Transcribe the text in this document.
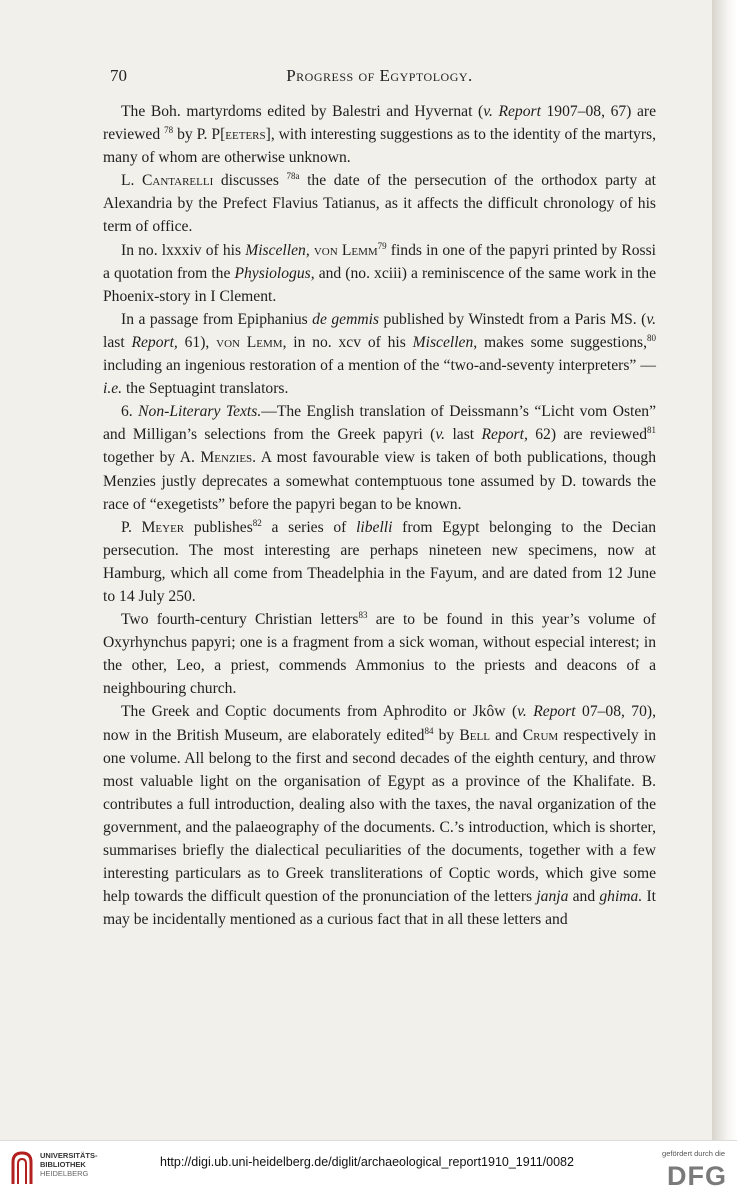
70	Progress of Egyptology.

The Boh. martyrdoms edited by Balestri and Hyvernat (v. Report 1907–08, 67) are reviewed $^{78}$ by P. P[eeters], with interesting suggestions as to the identity of the martyrs, many of whom are otherwise unknown.

L. Cantarelli discusses $^{78a}$ the date of the persecution of the orthodox party at Alexandria by the Prefect Flavius Tatianus, as it affects the difficult chronology of his term of office.

In no. lxxxiv of his Miscellen, von Lemm$^{79}$ finds in one of the papyri printed by Rossi a quotation from the Physiologus, and (no. xciii) a reminiscence of the same work in the Phoenix-story in I Clement.

In a passage from Epiphanius de gemmis published by Winstedt from a Paris MS. (v. last Report, 61), von Lemm, in no. xcv of his Miscellen, makes some suggestions,$^{80}$ including an ingenious restoration of a mention of the “two-and-seventy interpreters” — i.e. the Septuagint translators.

6. Non-Literary Texts.—The English translation of Deissmann’s “Licht vom Osten” and Milligan’s selections from the Greek papyri (v. last Report, 62) are reviewed$^{81}$ together by A. Menzies. A most favourable view is taken of both publications, though Menzies justly deprecates a somewhat contemptuous tone assumed by D. towards the race of “exegetists” before the papyri began to be known.

P. Meyer publishes$^{82}$ a series of libelli from Egypt belonging to the Decian persecution. The most interesting are perhaps nineteen new specimens, now at Hamburg, which all come from Theadelphia in the Fayum, and are dated from 12 June to 14 July 250.

Two fourth-century Christian letters$^{83}$ are to be found in this year’s volume of Oxyrhynchus papyri; one is a fragment from a sick woman, without especial interest; in the other, Leo, a priest, commends Ammonius to the priests and deacons of a neighbouring church.

The Greek and Coptic documents from Aphrodito or Jkôw (v. Report 07–08, 70), now in the British Museum, are elaborately edited$^{84}$ by Bell and Crum respectively in one volume. All belong to the first and second decades of the eighth century, and throw most valuable light on the organisation of Egypt as a province of the Khalifate. B. contributes a full introduction, dealing also with the taxes, the naval organization of the government, and the palaeography of the documents. C.’s introduction, which is shorter, summarises briefly the dialectical peculiarities of the documents, together with a few interesting particulars as to Greek transliterations of Coptic words, which give some help towards the difficult question of the pronunciation of the letters janja and ghima. It may be incidentally mentioned as a curious fact that in all these letters and

UNIVERSITÄTS-
BIBLIOTHEK
HEIDELBERG
http://digi.ub.uni-heidelberg.de/diglit/archaeological_report1910_1911/0082
gefördert durch die
DFG
